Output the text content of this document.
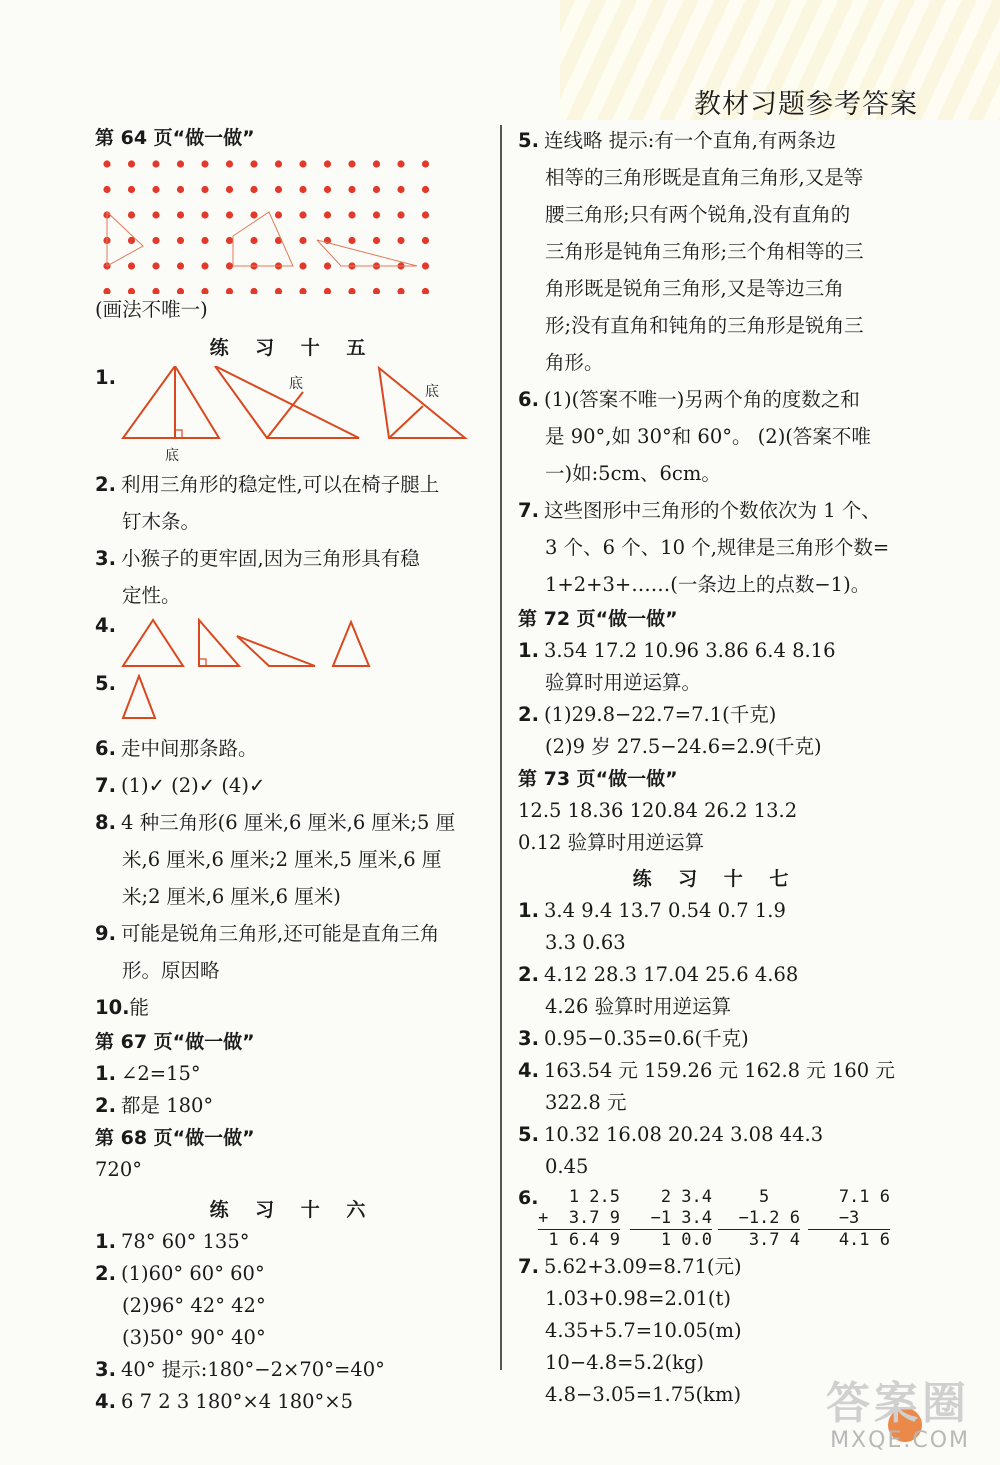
教材习题参考答案
第 64 页“做一做”
(画法不唯一)
练 习 十 五
1.
底
底	底
2. 利用三角形的稳定性,可以在椅子腿上
钉木条。
3. 小猴子的更牢固,因为三角形具有稳
定性。
4.
5.
6. 走中间那条路。
7. (1)✓ (2)✓ (4)✓
8. 4 种三角形(6 厘米,6 厘米,6 厘米;5 厘
米,6 厘米,6 厘米;2 厘米,5 厘米,6 厘
米;2 厘米,6 厘米,6 厘米)
9. 可能是锐角三角形,还可能是直角三角
形。原因略
10.能
第 67 页“做一做”
1. ∠2=15°
2. 都是 180°
第 68 页“做一做”
720°
练 习 十 六
1. 78° 60° 135°
2. (1)60° 60° 60°
(2)96° 42° 42°
(3)50° 90° 40°
3. 40° 提示:180°−2×70°=40°
4. 6 7 2 3 180°×4 180°×5
5. 连线略 提示:有一个直角,有两条边
相等的三角形既是直角三角形,又是等
腰三角形;只有两个锐角,没有直角的
三角形是钝角三角形;三个角相等的三
角形既是锐角三角形,又是等边三角
形;没有直角和钝角的三角形是锐角三
角形。
6. (1)(答案不唯一)另两个角的度数之和
是 90°,如 30°和 60°。 (2)(答案不唯
一)如:5cm、6cm。
7. 这些图形中三角形的个数依次为 1 个、
3 个、6 个、10 个,规律是三角形个数=
1+2+3+……(一条边上的点数−1)。
第 72 页“做一做”
1. 3.54 17.2 10.96 3.86 6.4 8.16
验算时用逆运算。
2. (1)29.8−22.7=7.1(千克)
(2)9 岁 27.5−24.6=2.9(千克)
第 73 页“做一做”
12.5 18.36 120.84 26.2 13.2
0.12 验算时用逆运算
练 习 十 七
1. 3.4 9.4 13.7 0.54 0.7 1.9
3.3 0.63
2. 4.12 28.3 17.04 25.6 4.68
4.26 验算时用逆运算
3. 0.95−0.35=0.6(千克)
4. 163.54 元 159.26 元 162.8 元 160 元
322.8 元
5. 10.32 16.08 20.24 3.08 44.3
0.45
6.	1 2.5
+  3.7 9
1 6.4 9
2 3.4
−1 3.4
1 0.0
5
−1.2 6
3.7 4
7.1 6
−3
4.1 6
7. 5.62+3.09=8.71(元)
1.03+0.98=2.01(t)
4.35+5.7=10.05(m)
10−4.8=5.2(kg)
4.8−3.05=1.75(km)	答案圈
MXQE.COM
